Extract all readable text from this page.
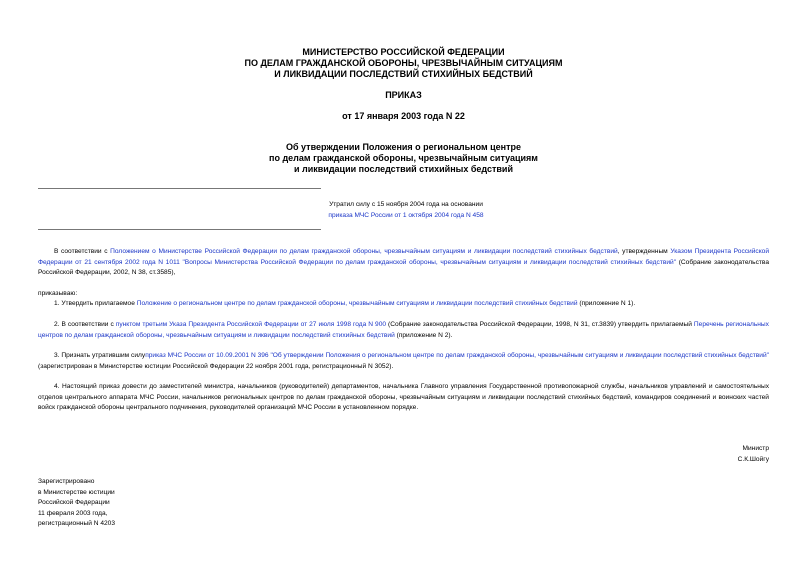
МИНИСТЕРСТВО РОССИЙСКОЙ ФЕДЕРАЦИИ
ПО ДЕЛАМ ГРАЖДАНСКОЙ ОБОРОНЫ, ЧРЕЗВЫЧАЙНЫМ СИТУАЦИЯМ
И ЛИКВИДАЦИИ ПОСЛЕДСТВИЙ СТИХИЙНЫХ БЕДСТВИЙ
ПРИКАЗ
от 17 января 2003 года N 22
Об утверждении Положения о региональном центре
по делам гражданской обороны, чрезвычайным ситуациям
и ликвидации последствий стихийных бедствий
Утратил силу с 15 ноября 2004 года на основании
приказа МЧС России от 1 октября 2004 года N 458
В соответствии с Положением о Министерстве Российской Федерации по делам гражданской обороны, чрезвычайным ситуациям и ликвидации последствий стихийных бедствий, утвержденным Указом Президента Российской Федерации от 21 сентября 2002 года N 1011 "Вопросы Министерства Российской Федерации по делам гражданской обороны, чрезвычайным ситуациям и ликвидации последствий стихийных бедствий" (Собрание законодательства Российской Федерации, 2002, N 38, ст.3585),
приказываю:
1. Утвердить прилагаемое Положение о региональном центре по делам гражданской обороны, чрезвычайным ситуациям и ликвидации последствий стихийных бедствий (приложение N 1).
2. В соответствии с пунктом третьим Указа Президента Российской Федерации от 27 июля 1998 года N 900 (Собрание законодательства Российской Федерации, 1998, N 31, ст.3839) утвердить прилагаемый Перечень региональных центров по делам гражданской обороны, чрезвычайным ситуациям и ликвидации последствий стихийных бедствий (приложение N 2).
3. Признать утратившим силуприказ МЧС России от 10.09.2001 N 396 "Об утверждении Положения о региональном центре по делам гражданской обороны, чрезвычайным ситуациям и ликвидации последствий стихийных бедствий" (зарегистрирован в Министерстве юстиции Российской Федерации 22 ноября 2001 года, регистрационный N 3052).
4. Настоящий приказ довести до заместителей министра, начальников (руководителей) департаментов, начальника Главного управления Государственной противопожарной службы, начальников управлений и самостоятельных отделов центрального аппарата МЧС России, начальников региональных центров по делам гражданской обороны, чрезвычайным ситуациям и ликвидации последствий стихийных бедствий, командиров соединений и воинских частей войск гражданской обороны центрального подчинения, руководителей организаций МЧС России в установленном порядке.
Министр
С.К.Шойгу
Зарегистрировано
в Министерстве юстиции
Российской Федерации
11 февраля 2003 года,
регистрационный N 4203
